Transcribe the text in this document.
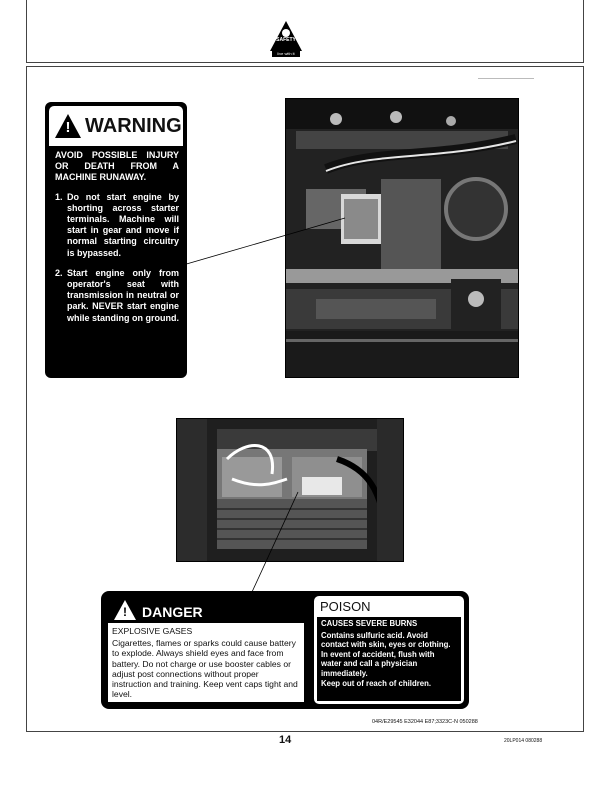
SAFETY
live with it
! WARNING

AVOID POSSIBLE INJURY OR DEATH FROM A MACHINE RUNAWAY.

1. Do not start engine by shorting across starter terminals. Machine will start in gear and move if normal starting circuitry is bypassed.
2. Start engine only from operator's seat with transmission in neutral or park. NEVER start engine while standing on ground.
! DANGER
EXPLOSIVE GASES
Cigarettes, flames or sparks could cause battery to explode. Always shield eyes and face from battery. Do not charge or use booster cables or adjust post connections without proper instruction and training. Keep vent caps tight and level.
POISON
CAUSES SEVERE BURNS
Contains sulfuric acid. Avoid contact with skin, eyes or clothing. In event of accident, flush with water and call a physician immediately.
Keep out of reach of children.
04R/E29545 E32044 E87;3323C-N 050288
14	20LP014 080288
